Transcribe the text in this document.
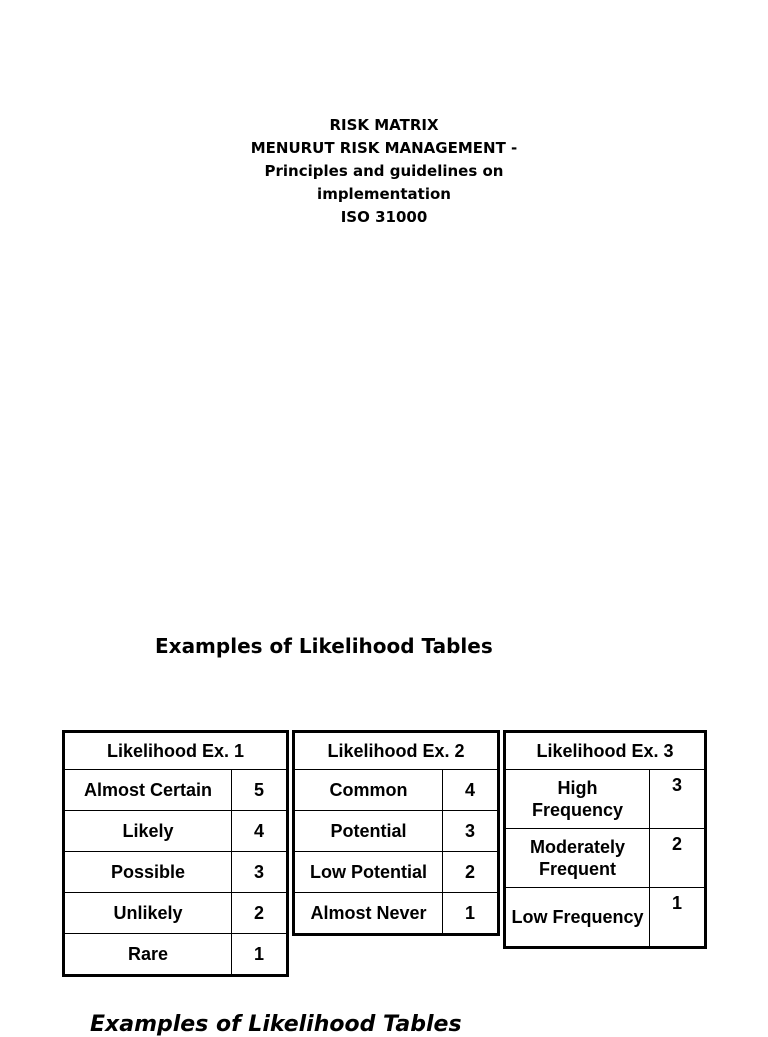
RISK MATRIX
MENURUT RISK MANAGEMENT -
Principles and guidelines on
implementation
ISO 31000
Examples of Likelihood Tables
Likelihood Ex. 1	
Almost Certain	5
Likely	4
Possible	3
Unlikely	2
Rare	1
Likelihood Ex. 2	
Common	4
Potential	3
Low Potential	2
Almost Never	1
Likelihood Ex. 3	
High Frequency	3
Moderately Frequent	2
Low Frequency	1
Examples of Likelihood Tables
